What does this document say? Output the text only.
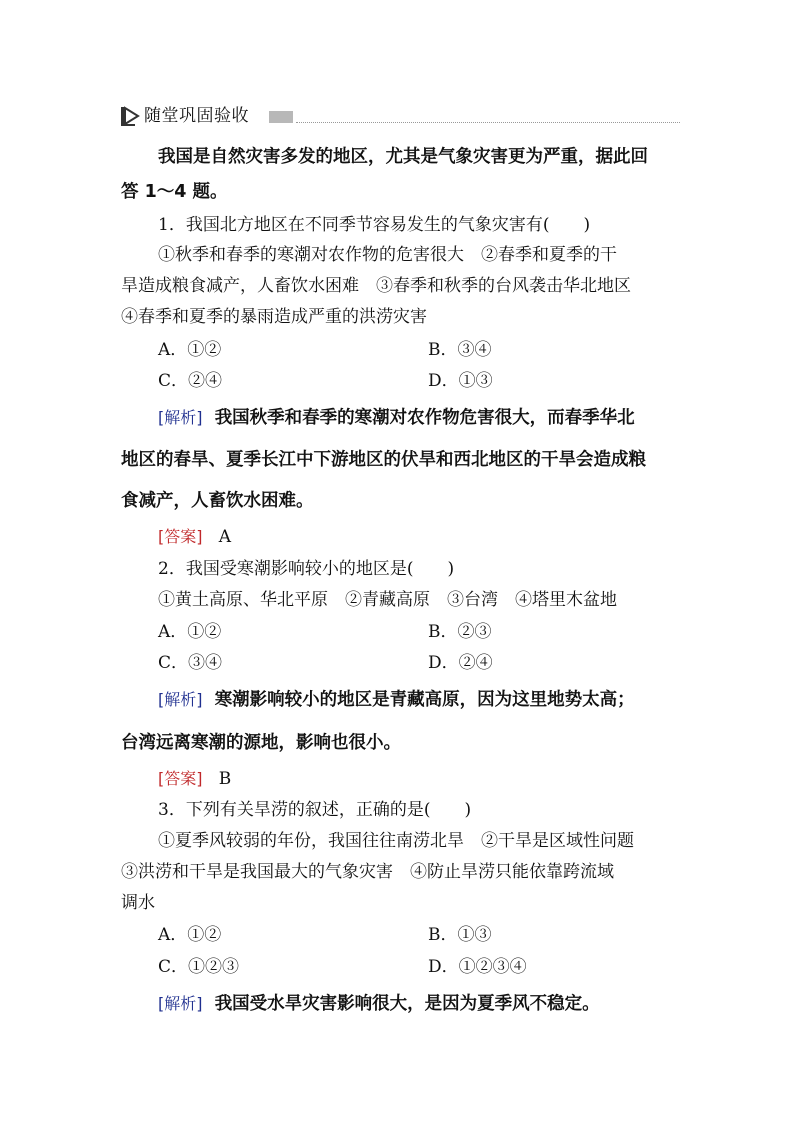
随堂巩固验收
我国是自然灾害多发的地区，尤其是气象灾害更为严重，据此回
答 1～4 题。
1．我国北方地区在不同季节容易发生的气象灾害有(　　)
①秋季和春季的寒潮对农作物的危害很大　②春季和夏季的干
旱造成粮食减产，人畜饮水困难　③春季和秋季的台风袭击华北地区
④春季和夏季的暴雨造成严重的洪涝灾害
A．①②	B．③④
C．②④	D．①③
[解析] 我国秋季和春季的寒潮对农作物危害很大，而春季华北
地区的春旱、夏季长江中下游地区的伏旱和西北地区的干旱会造成粮
食减产，人畜饮水困难。
[答案] A
2．我国受寒潮影响较小的地区是(　　)
①黄土高原、华北平原　②青藏高原　③台湾　④塔里木盆地
A．①②	B．②③
C．③④	D．②④
[解析] 寒潮影响较小的地区是青藏高原，因为这里地势太高；
台湾远离寒潮的源地，影响也很小。
[答案] B
3．下列有关旱涝的叙述，正确的是(　　)
①夏季风较弱的年份，我国往往南涝北旱　②干旱是区域性问题
③洪涝和干旱是我国最大的气象灾害　④防止旱涝只能依靠跨流域
调水
A．①②	B．①③
C．①②③	D．①②③④
[解析] 我国受水旱灾害影响很大，是因为夏季风不稳定。
